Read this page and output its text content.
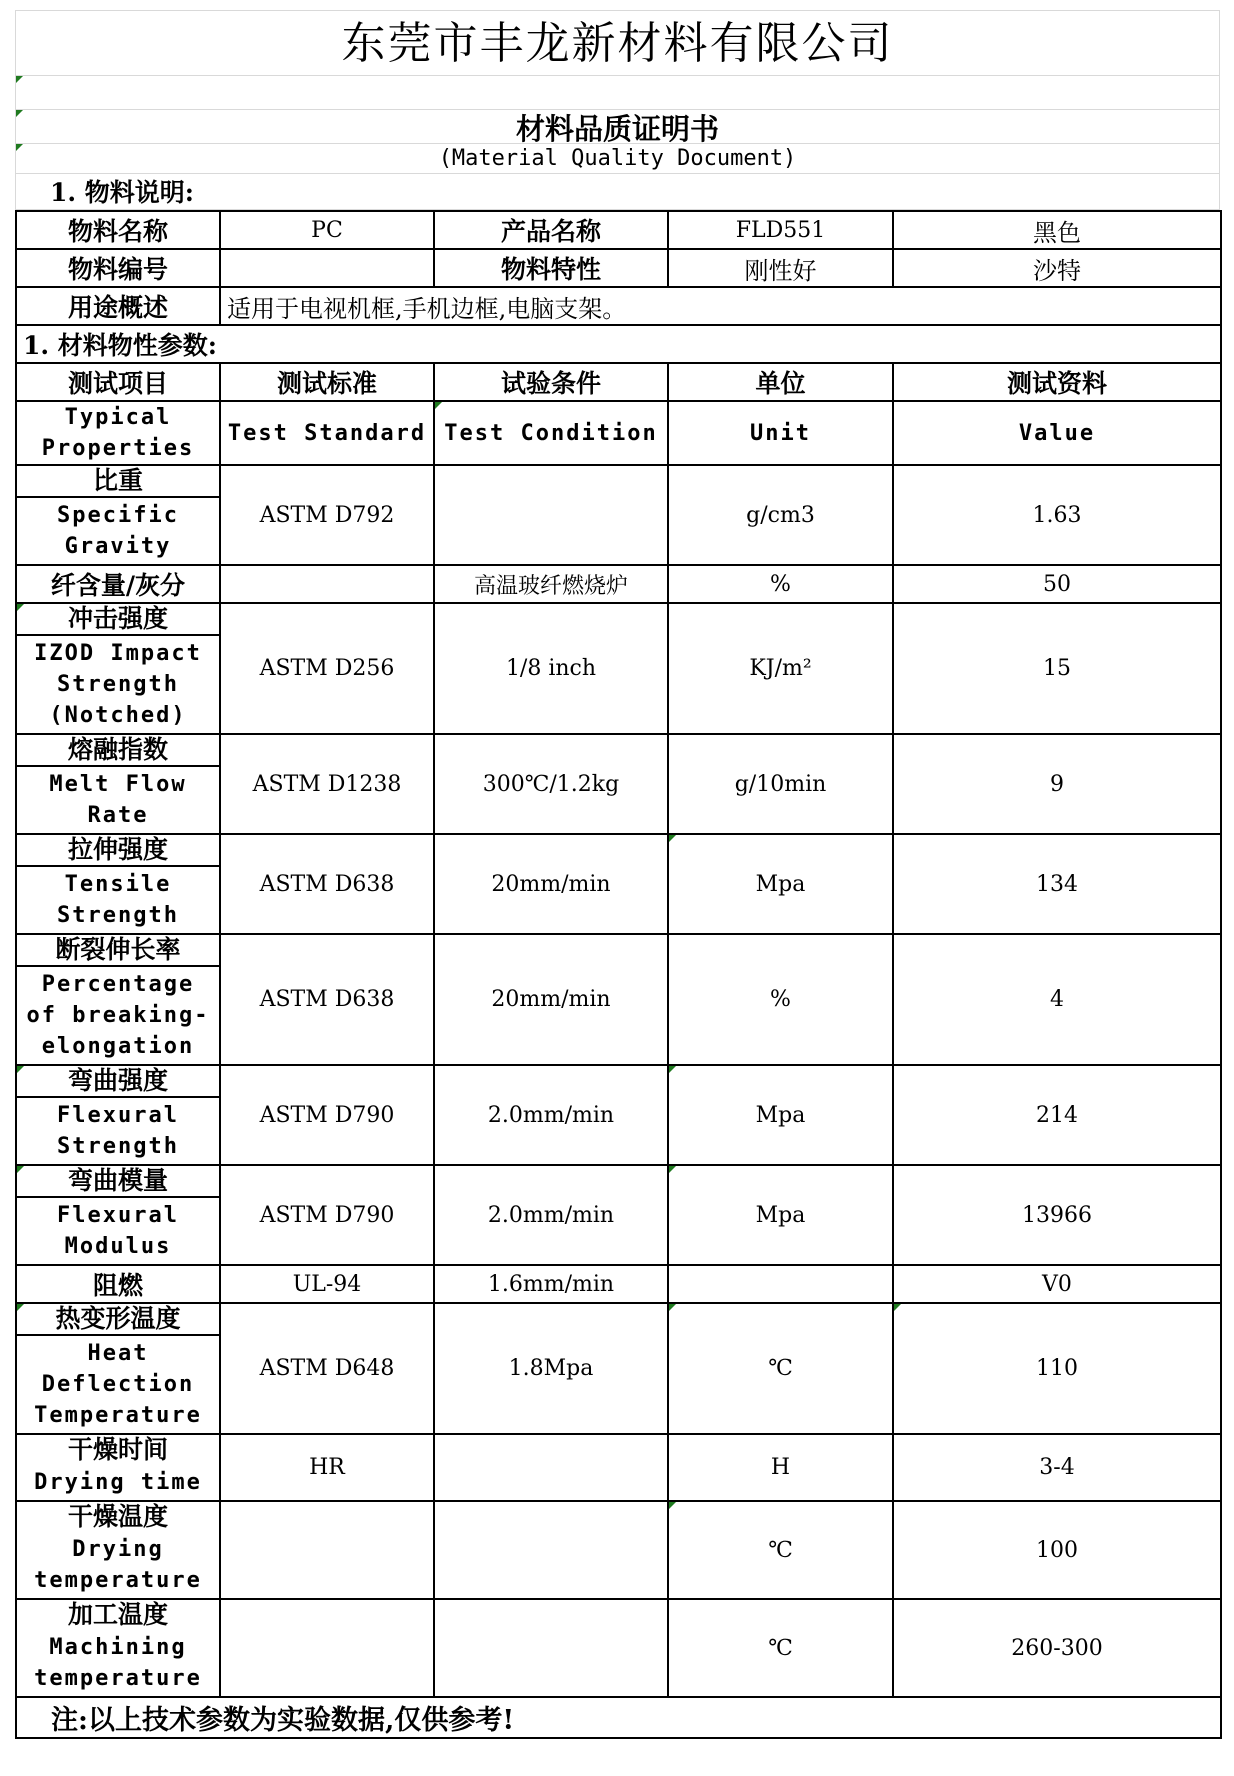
东莞市丰龙新材料有限公司
材料品质证明书
(Material Quality Document)
1. 物料说明:
物料名称	PC	产品名称	FLD551	黑色
物料编号		物料特性	刚性好	沙特
用途概述	适用于电视机框,手机边框,电脑支架。			
1. 材料物性参数:				
测试项目	测试标准	试验条件	单位	测试资料
Typical Properties	Test Standard	Test Condition	Unit	Value

比重
Specific Gravity	ASTM D792		g/cm3	1.63

纤含量/灰分		高温玻纤燃烧炉	%	50

冲击强度
IZOD Impact Strength (Notched)	ASTM D256	1/8 inch	KJ/m²	15

熔融指数
Melt Flow Rate	ASTM D1238	300℃/1.2kg	g/10min	9

拉伸强度
Tensile Strength	ASTM D638	20mm/min	Mpa	134

断裂伸长率
Percentage of breaking-elongation	ASTM D638	20mm/min	%	4

弯曲强度
Flexural Strength	ASTM D790	2.0mm/min	Mpa	214

弯曲模量
Flexural Modulus	ASTM D790	2.0mm/min	Mpa	13966

阻燃	UL-94	1.6mm/min		V0

热变形温度
Heat Deflection Temperature	ASTM D648	1.8Mpa	℃	110

干燥时间
Drying time	HR		H	3-4

干燥温度
Drying temperature			℃	100

加工温度
Machining temperature			℃	260-300
注:以上技术参数为实验数据,仅供参考!				
